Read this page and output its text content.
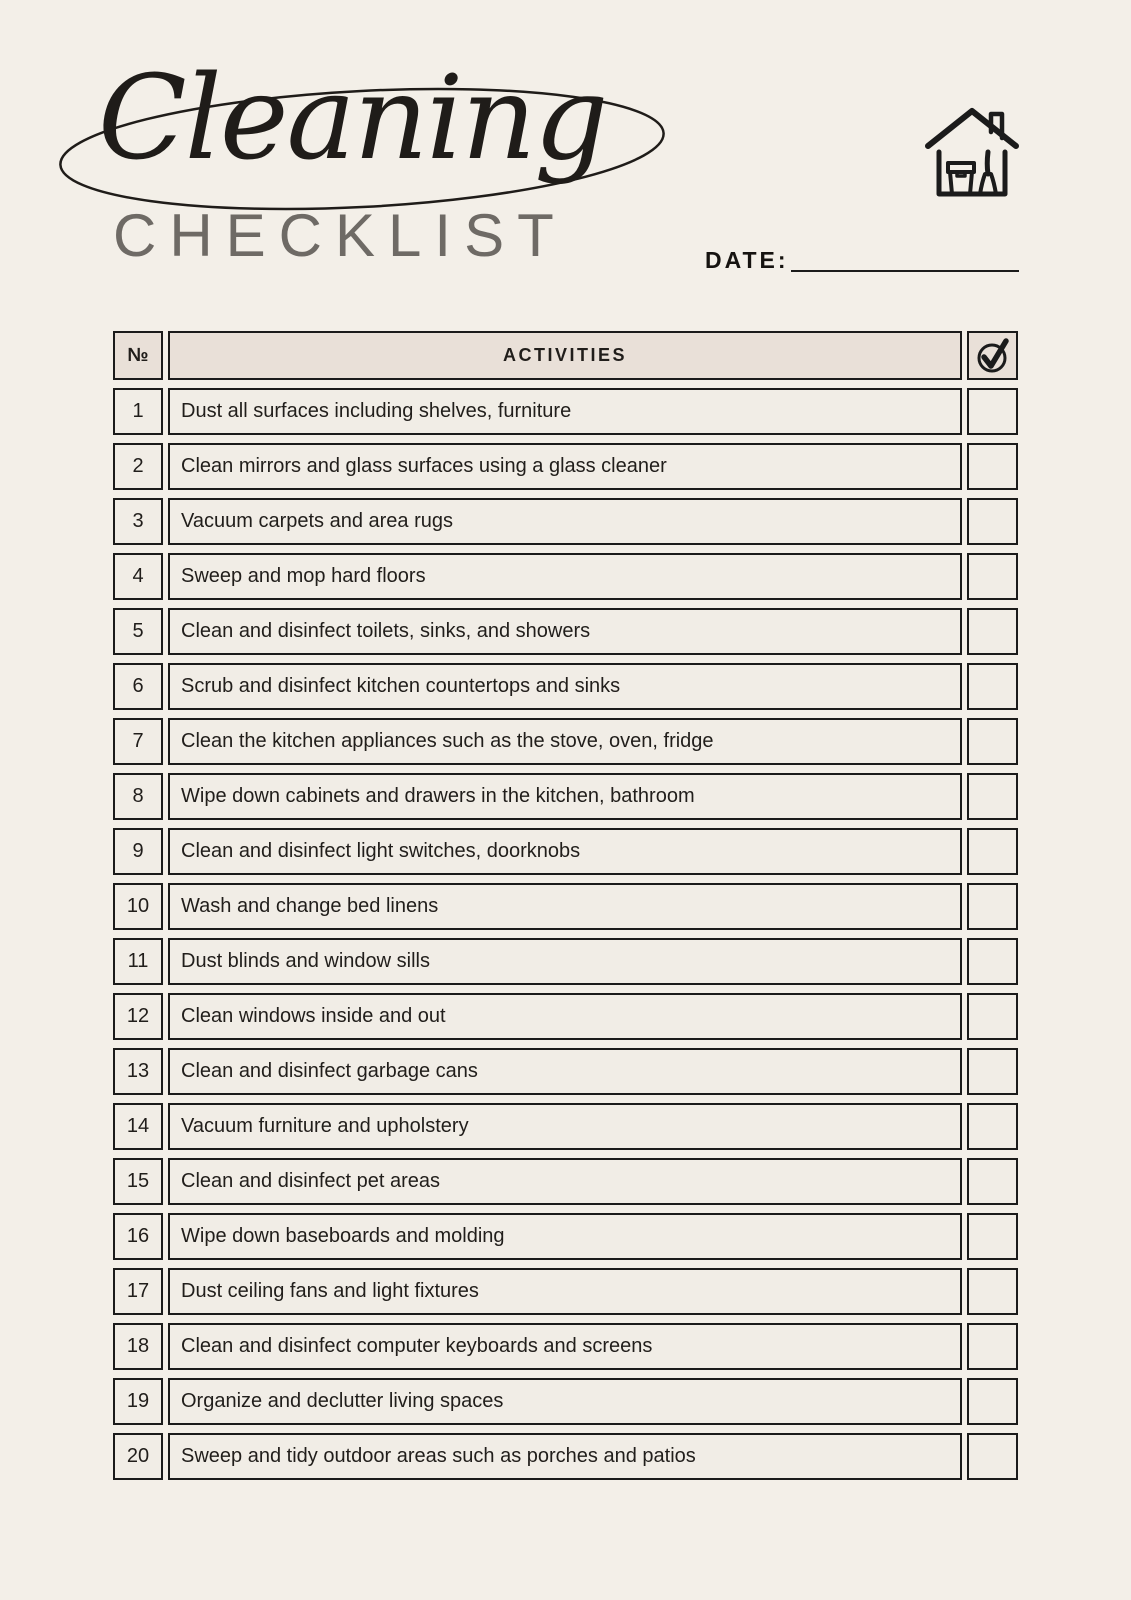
Cleaning
CHECKLIST	DATE:
№	ACTIVITIES
1 Dust all surfaces including shelves, furniture
2 Clean mirrors and glass surfaces using a glass cleaner
3 Vacuum carpets and area rugs
4 Sweep and mop hard floors
5 Clean and disinfect toilets, sinks, and showers
6 Scrub and disinfect kitchen countertops and sinks
7 Clean the kitchen appliances such as the stove, oven, fridge
8 Wipe down cabinets and drawers in the kitchen, bathroom
9 Clean and disinfect light switches, doorknobs
10 Wash and change bed linens
11 Dust blinds and window sills
12 Clean windows inside and out
13 Clean and disinfect garbage cans
14 Vacuum furniture and upholstery
15 Clean and disinfect pet areas
16 Wipe down baseboards and molding
17 Dust ceiling fans and light fixtures
18 Clean and disinfect computer keyboards and screens
19 Organize and declutter living spaces
20 Sweep and tidy outdoor areas such as porches and patios
